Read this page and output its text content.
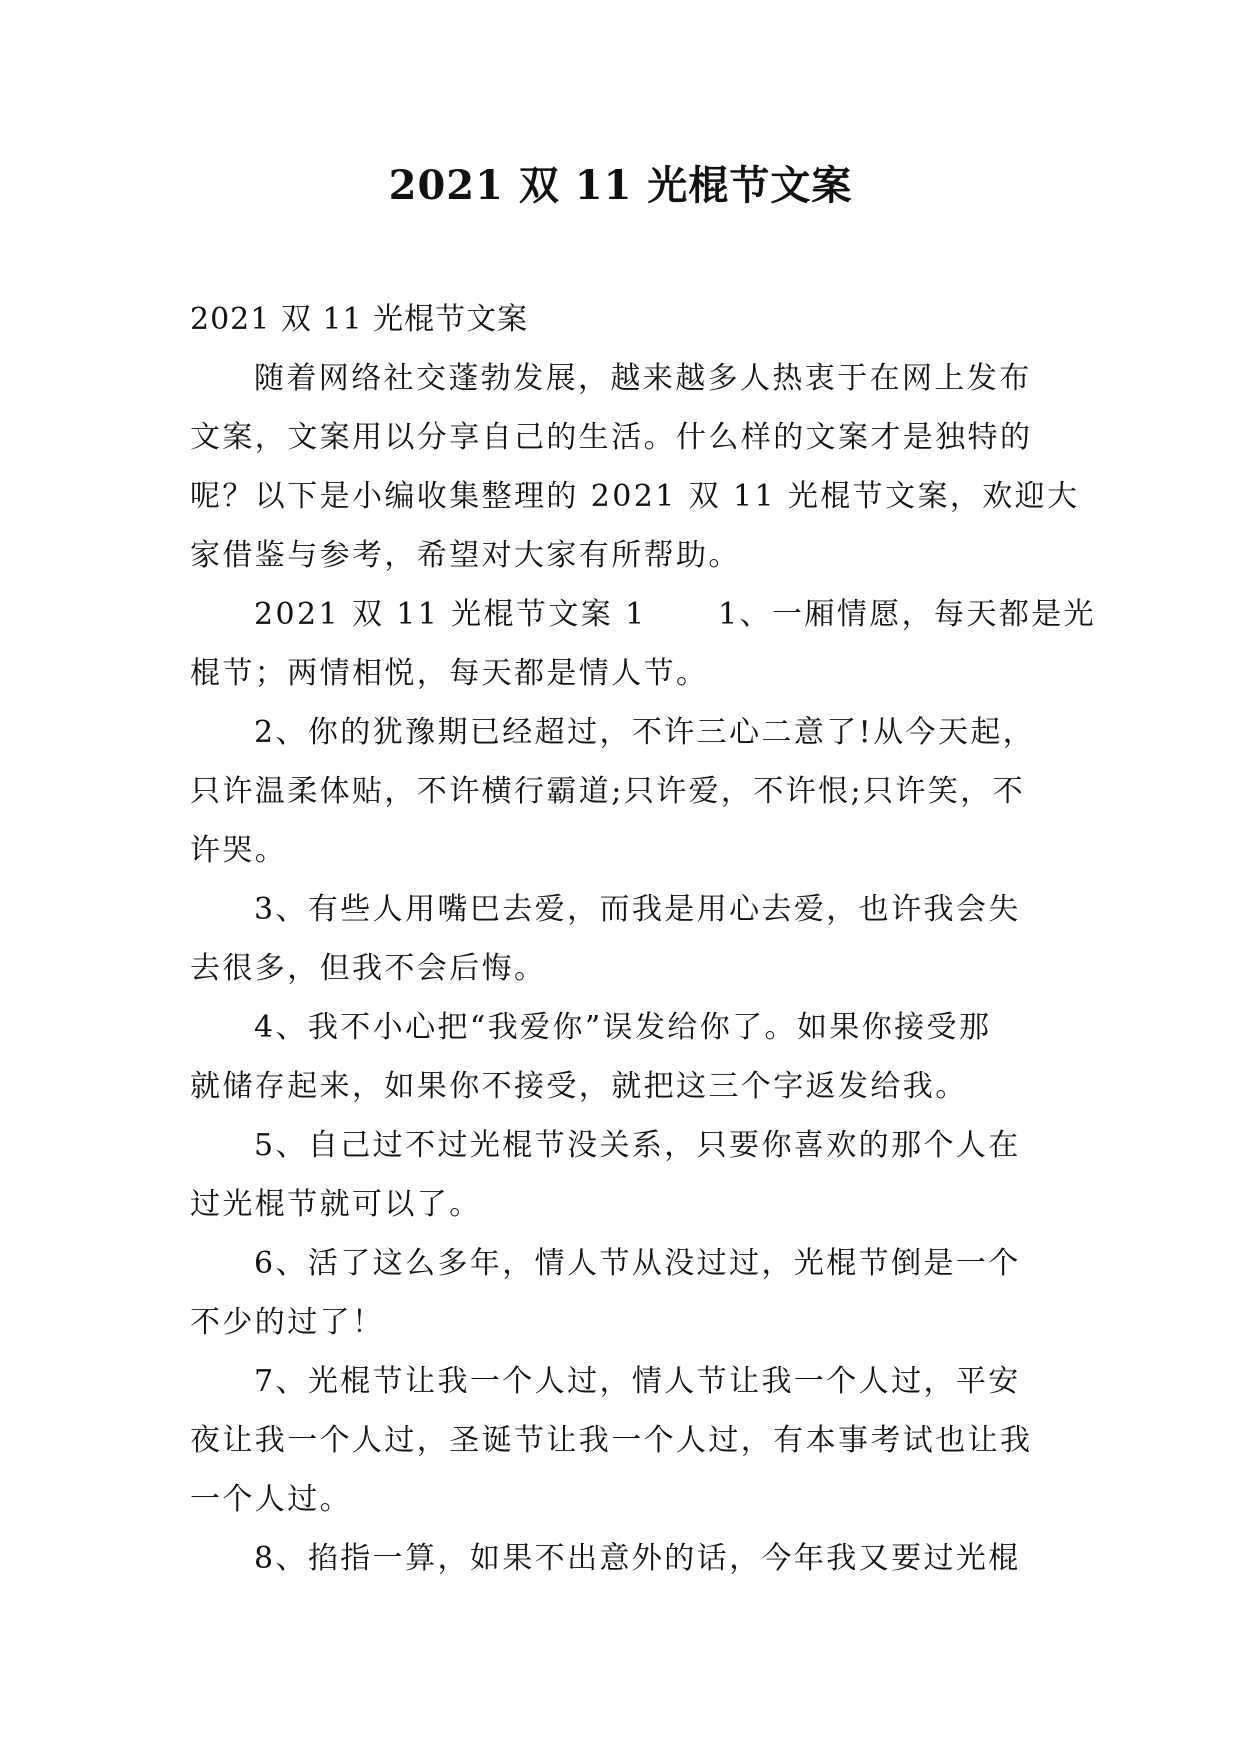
2021 双 11 光棍节文案
2021 双 11 光棍节文案
随着网络社交蓬勃发展，越来越多人热衷于在网上发布
文案，文案用以分享自己的生活。什么样的文案才是独特的
呢？以下是小编收集整理的 2021 双 11 光棍节文案，欢迎大
家借鉴与参考，希望对大家有所帮助。
2021 双 11 光棍节文案 1      1、一厢情愿，每天都是光
棍节；两情相悦，每天都是情人节。
2、你的犹豫期已经超过，不许三心二意了!从今天起，
只许温柔体贴，不许横行霸道;只许爱，不许恨;只许笑，不
许哭。
3、有些人用嘴巴去爱，而我是用心去爱，也许我会失
去很多，但我不会后悔。
4、我不小心把“我爱你”误发给你了。如果你接受那
就储存起来，如果你不接受，就把这三个字返发给我。
5、自己过不过光棍节没关系，只要你喜欢的那个人在
过光棍节就可以了。
6、活了这么多年，情人节从没过过，光棍节倒是一个
不少的过了！
7、光棍节让我一个人过，情人节让我一个人过，平安
夜让我一个人过，圣诞节让我一个人过，有本事考试也让我
一个人过。
8、掐指一算，如果不出意外的话，今年我又要过光棍
